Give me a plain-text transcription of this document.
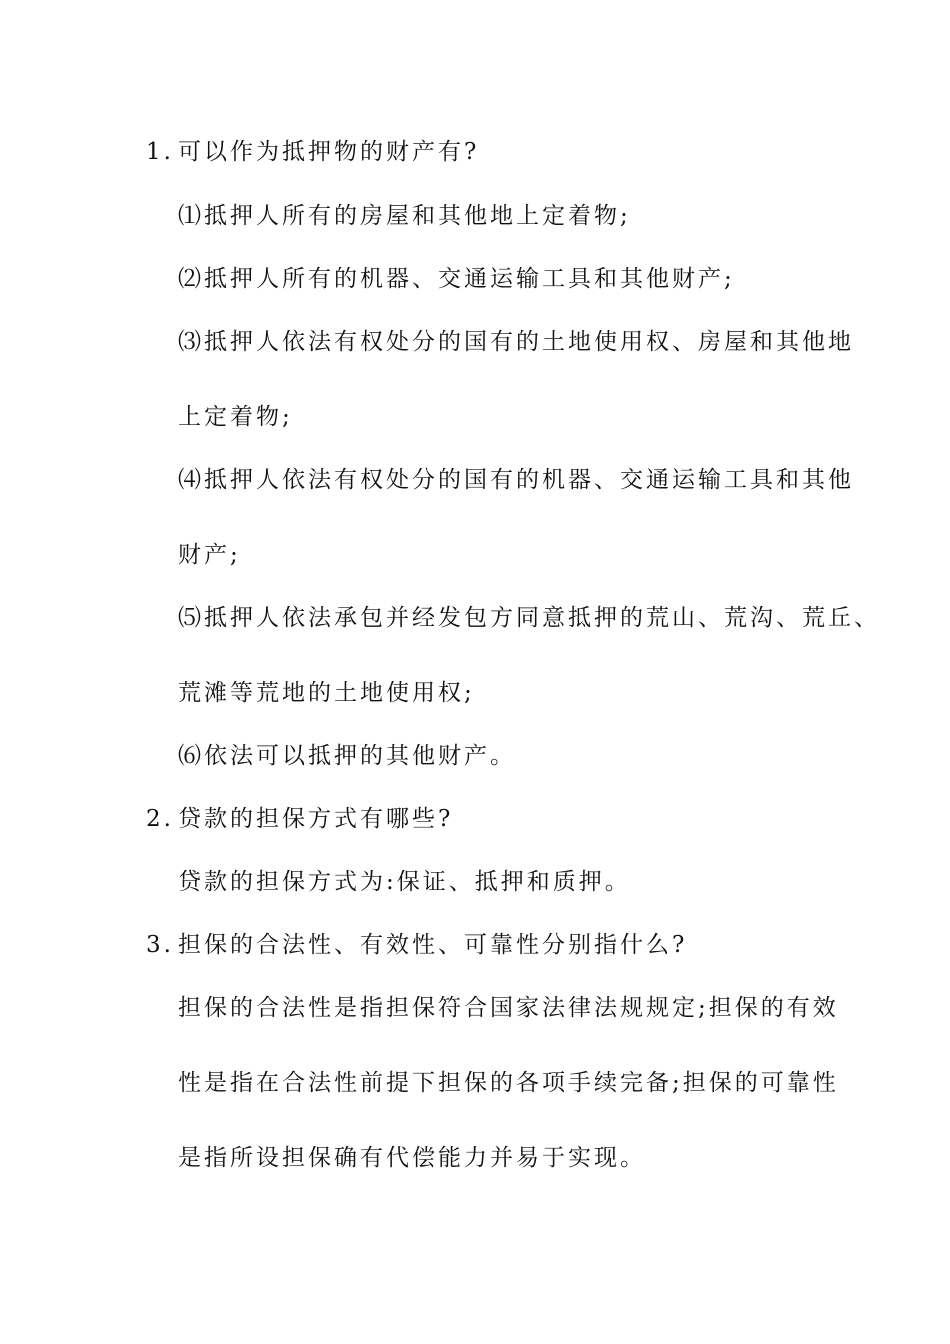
1. 可以作为抵押物的财产有?
⑴抵押人所有的房屋和其他地上定着物;
⑵抵押人所有的机器、交通运输工具和其他财产;
⑶抵押人依法有权处分的国有的土地使用权、房屋和其他地
上定着物;
⑷抵押人依法有权处分的国有的机器、交通运输工具和其他
财产;
⑸抵押人依法承包并经发包方同意抵押的荒山、荒沟、荒丘、
荒滩等荒地的土地使用权;
⑹依法可以抵押的其他财产。
2. 贷款的担保方式有哪些?
贷款的担保方式为:保证、抵押和质押。
3. 担保的合法性、有效性、可靠性分别指什么?
担保的合法性是指担保符合国家法律法规规定;担保的有效
性是指在合法性前提下担保的各项手续完备;担保的可靠性
是指所设担保确有代偿能力并易于实现。
